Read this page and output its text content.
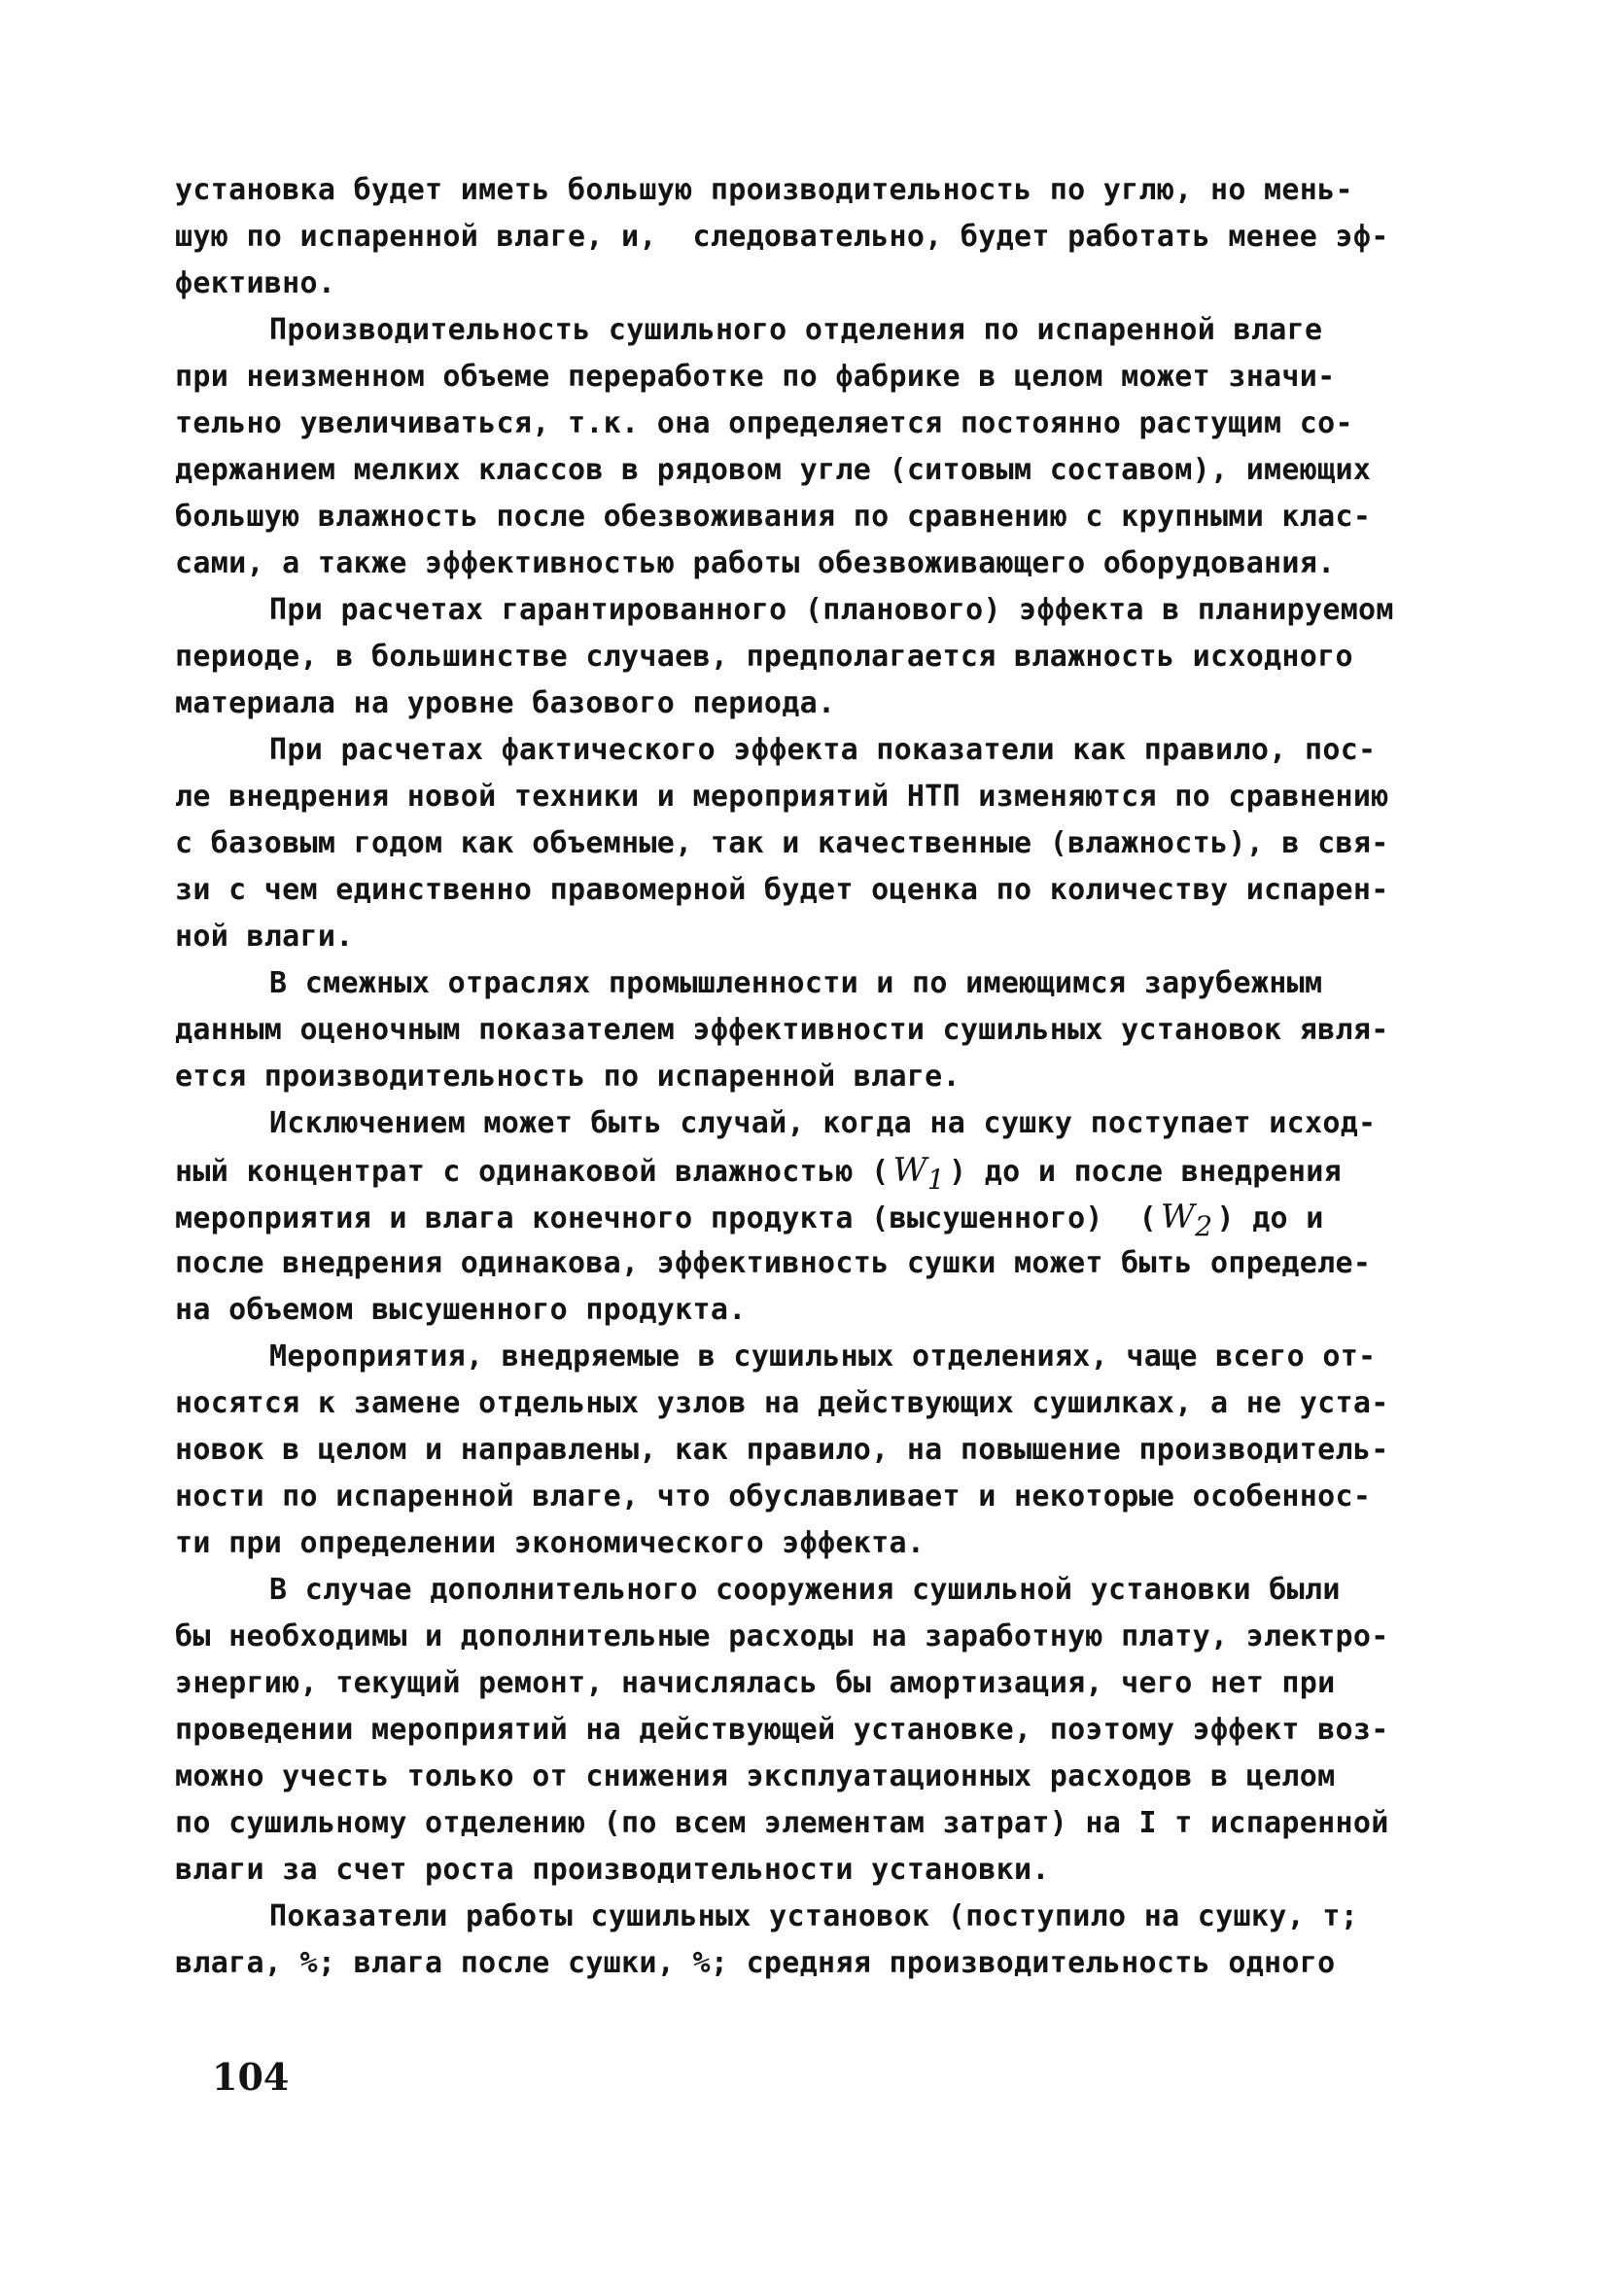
установка будет иметь большую производительность по углю, но мень-
шую по испаренной влаге, и,  следовательно, будет работать менее эф-
фективно.
Производительность сушильного отделения по испаренной влаге
при неизменном объеме переработке по фабрике в целом может значи-
тельно увеличиваться, т.к. она определяется постоянно растущим со-
держанием мелких классов в рядовом угле (ситовым составом), имеющих
большую влажность после обезвоживания по сравнению с крупными клас-
сами, а также эффективностью работы обезвоживающего оборудования.
При расчетах гарантированного (планового) эффекта в планируемом
периоде, в большинстве случаев, предполагается влажность исходного
материала на уровне базового периода.
При расчетах фактического эффекта показатели как правило, пос-
ле внедрения новой техники и мероприятий НТП изменяются по сравнению
с базовым годом как объемные, так и качественные (влажность), в свя-
зи с чем единственно правомерной будет оценка по количеству испарен-
ной влаги.
В смежных отраслях промышленности и по имеющимся зарубежным
данным оценочным показателем эффективности сушильных установок явля-
ется производительность по испаренной влаге.
Исключением может быть случай, когда на сушку поступает исход-
ный концентрат с одинаковой влажностью ( $W_1$ ) до и после внедрения
мероприятия и влага конечного продукта (высушенного)  ( $W_2$ ) до и
после внедрения одинакова, эффективность сушки может быть определе-
на объемом высушенного продукта.
Мероприятия, внедряемые в сушильных отделениях, чаще всего от-
носятся к замене отдельных узлов на действующих сушилках, а не уста-
новок в целом и направлены, как правило, на повышение производитель-
ности по испаренной влаге, что обуславливает и некоторые особеннос-
ти при определении экономического эффекта.
В случае дополнительного сооружения сушильной установки были
бы необходимы и дополнительные расходы на заработную плату, электро-
энергию, текущий ремонт, начислялась бы амортизация, чего нет при
проведении мероприятий на действующей установке, поэтому эффект воз-
можно учесть только от снижения эксплуатационных расходов в целом
по сушильному отделению (по всем элементам затрат) на I т испаренной
влаги за счет роста производительности установки.
Показатели работы сушильных установок (поступило на сушку, т;
влага, %; влага после сушки, %; средняя производительность одного
104
